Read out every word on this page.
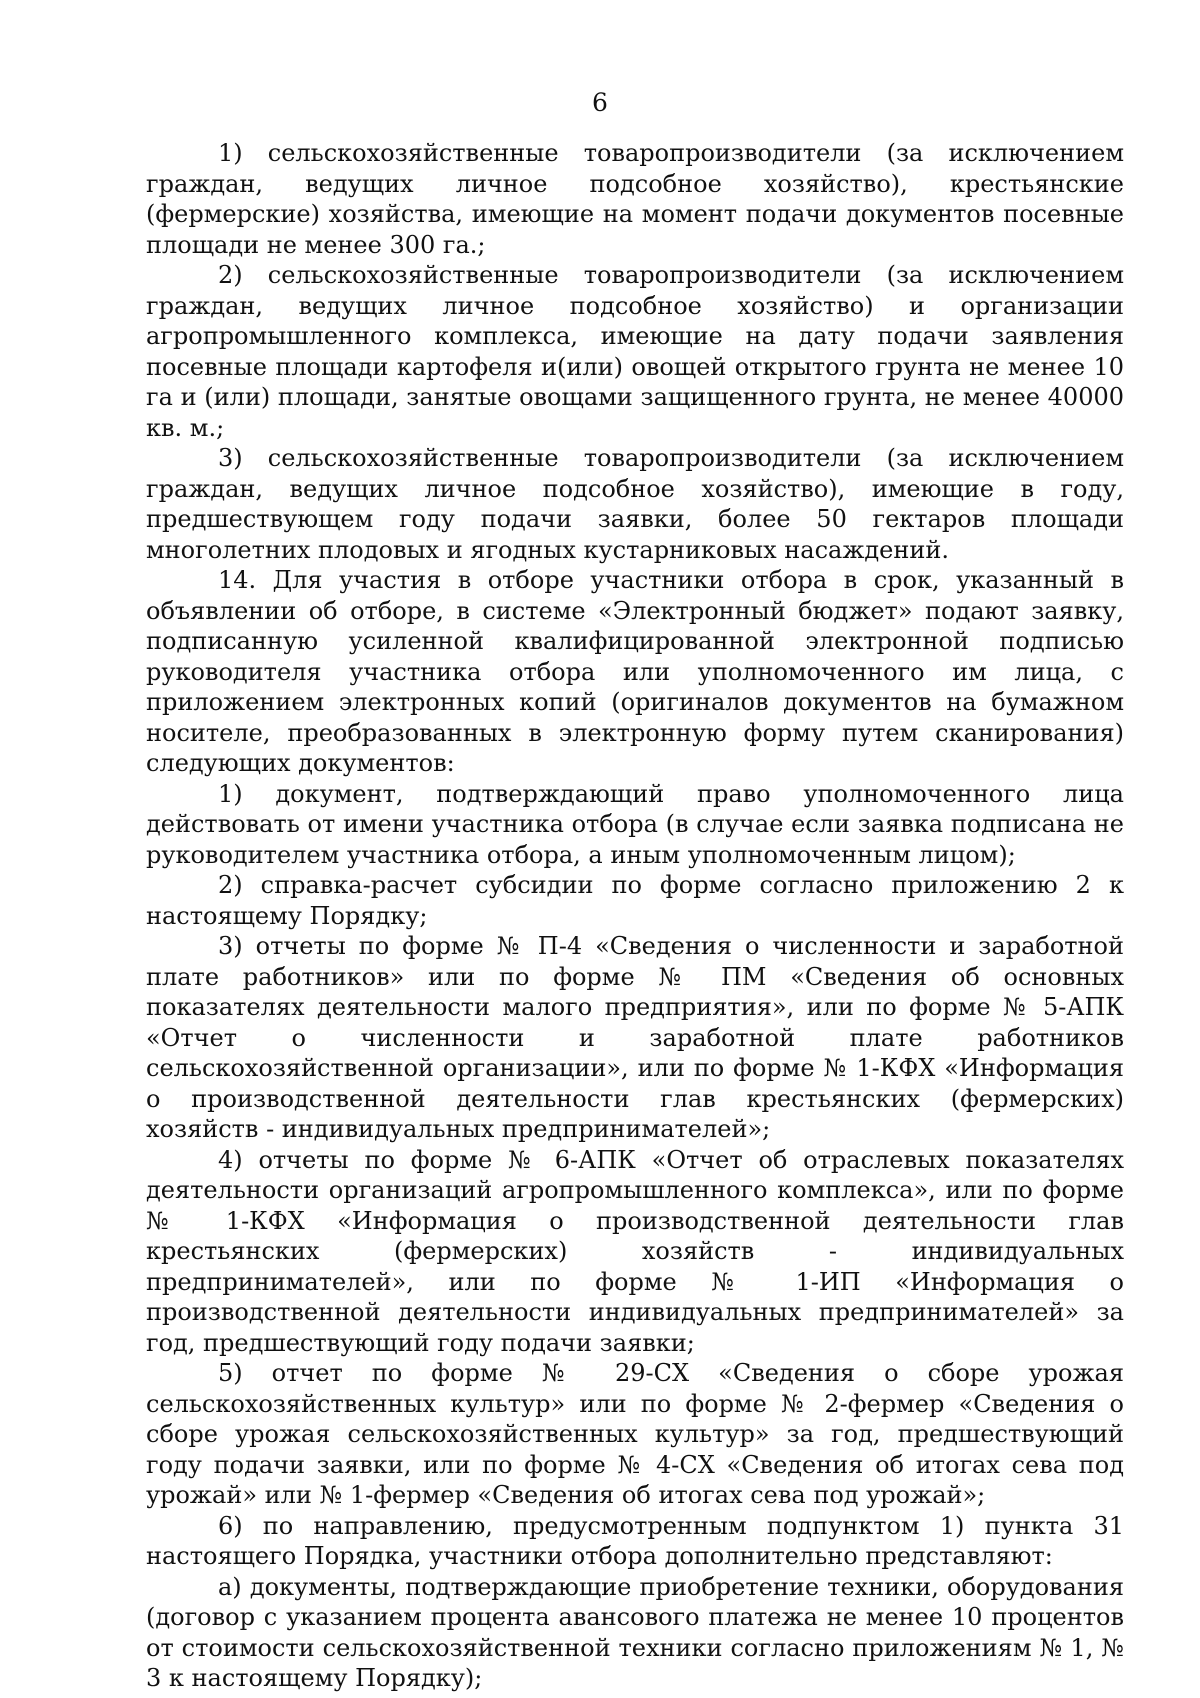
6

1) сельскохозяйственные товаропроизводители (за исключением граждан, ведущих личное подсобное хозяйство), крестьянские (фермерские) хозяйства, имеющие на момент подачи документов посевные площади не менее 300 га.;

2) сельскохозяйственные товаропроизводители (за исключением граждан, ведущих личное подсобное хозяйство) и организации агропромышленного комплекса, имеющие на дату подачи заявления посевные площади картофеля и(или) овощей открытого грунта не менее 10 га и (или) площади, занятые овощами защищенного грунта, не менее 40000 кв. м.;

3) сельскохозяйственные товаропроизводители (за исключением граждан, ведущих личное подсобное хозяйство), имеющие в году, предшествующем году подачи заявки, более 50 гектаров площади многолетних плодовых и ягодных кустарниковых насаждений.

14. Для участия в отборе участники отбора в срок, указанный в объявлении об отборе, в системе «Электронный бюджет» подают заявку, подписанную усиленной квалифицированной электронной подписью руководителя участника отбора или уполномоченного им лица, с приложением электронных копий (оригиналов документов на бумажном носителе, преобразованных в электронную форму путем сканирования) следующих документов:

1) документ, подтверждающий право уполномоченного лица действовать от имени участника отбора (в случае если заявка подписана не руководителем участника отбора, а иным уполномоченным лицом);

2) справка-расчет субсидии по форме согласно приложению 2 к настоящему Порядку;

3) отчеты по форме № П-4 «Сведения о численности и заработной плате работников» или по форме № ПМ «Сведения об основных показателях деятельности малого предприятия», или по форме № 5-АПК «Отчет о численности и заработной плате работников сельскохозяйственной организации», или по форме № 1-КФХ «Информация о производственной деятельности глав крестьянских (фермерских) хозяйств - индивидуальных предпринимателей»;

4) отчеты по форме № 6-АПК «Отчет об отраслевых показателях деятельности организаций агропромышленного комплекса», или по форме № 1-КФХ «Информация о производственной деятельности глав крестьянских (фермерских) хозяйств - индивидуальных предпринимателей», или по форме № 1-ИП «Информация о производственной деятельности индивидуальных предпринимателей» за год, предшествующий году подачи заявки;

5) отчет по форме № 29-СХ «Сведения о сборе урожая сельскохозяйственных культур» или по форме № 2-фермер «Сведения о сборе урожая сельскохозяйственных культур» за год, предшествующий году подачи заявки, или по форме № 4-СХ «Сведения об итогах сева под урожай» или № 1-фермер «Сведения об итогах сева под урожай»;

6) по направлению, предусмотренным подпунктом 1) пункта 31 настоящего Порядка, участники отбора дополнительно представляют:

а) документы, подтверждающие приобретение техники, оборудования (договор с указанием процента авансового платежа не менее 10 процентов от стоимости сельскохозяйственной техники согласно приложениям № 1, № 3 к настоящему Порядку);
